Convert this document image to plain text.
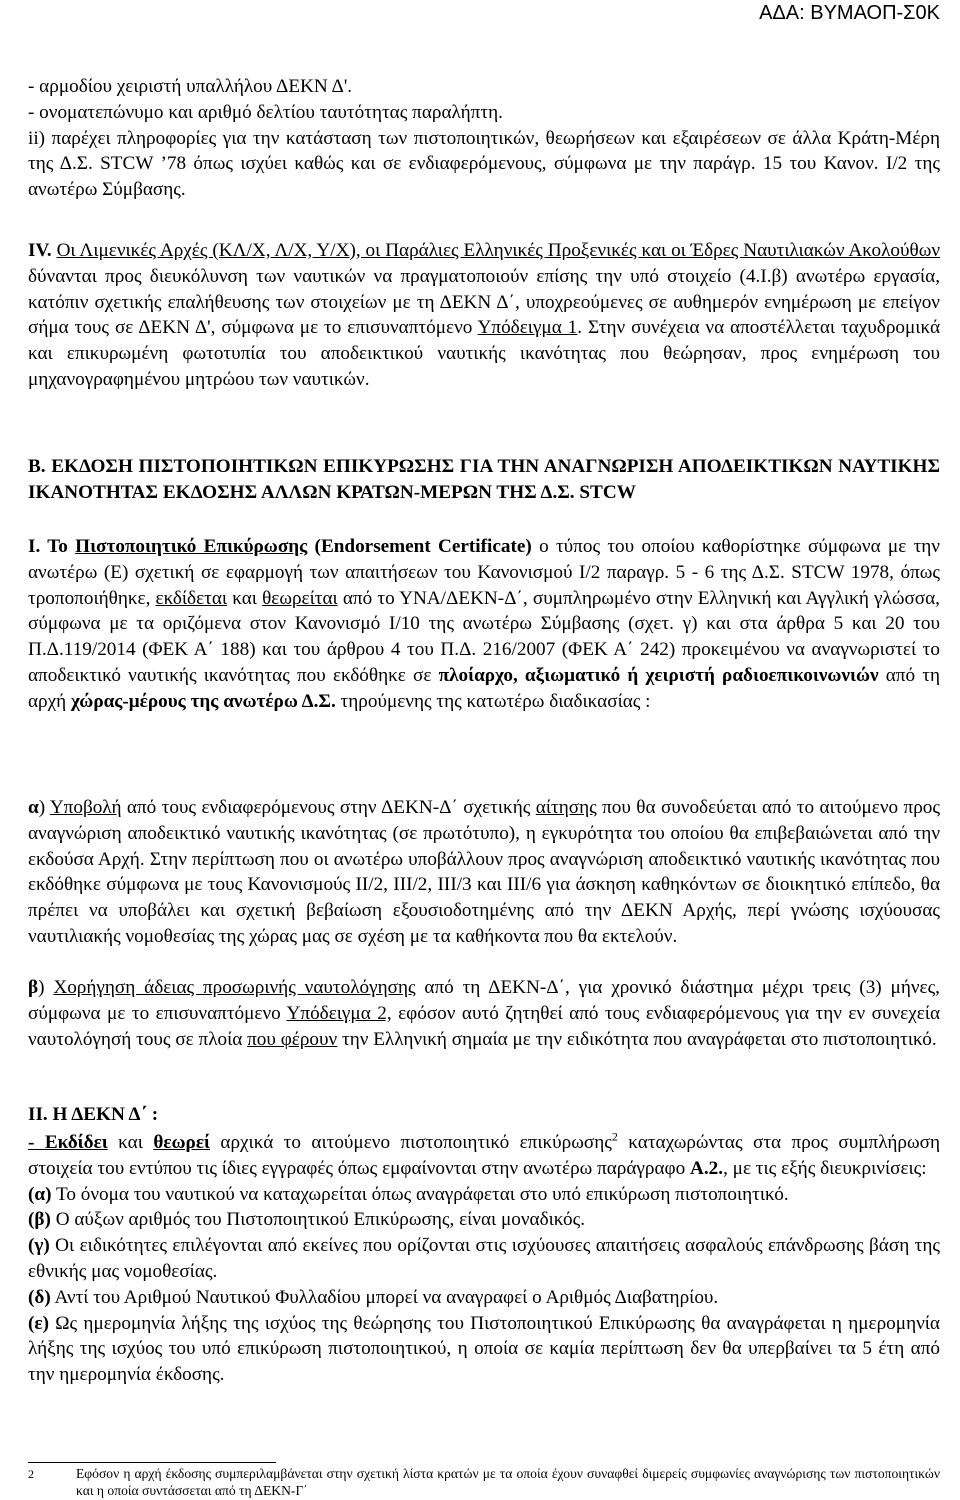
ΑΔΑ: ΒΥΜΑΟΠ-Σ0Κ

- αρμοδίου χειριστή υπαλλήλου ΔΕΚΝ Δ'.

- ονοματεπώνυμο και αριθμό δελτίου ταυτότητας παραλήπτη.

ii) παρέχει πληροφορίες για την κατάσταση των πιστοποιητικών, θεωρήσεων και εξαιρέσεων σε άλλα Κράτη-Μέρη της Δ.Σ. STCW ’78 όπως ισχύει καθώς και σε ενδιαφερόμενους, σύμφωνα με την παράγρ. 15 του Κανον. Ι/2 της ανωτέρω Σύμβασης.

IV. Οι Λιμενικές Αρχές (ΚΛ/Χ, Λ/Χ, Υ/Χ), οι Παράλιες Ελληνικές Προξενικές και οι Έδρες Ναυτιλιακών Ακολούθων δύνανται προς διευκόλυνση των ναυτικών να πραγματοποιούν επίσης την υπό στοιχείο (4.Ι.β) ανωτέρω εργασία, κατόπιν σχετικής επαλήθευσης των στοιχείων με τη ΔΕΚΝ Δ΄, υποχρεούμενες σε αυθημερόν ενημέρωση με επείγον σήμα τους σε ΔΕΚΝ Δ', σύμφωνα με το επισυναπτόμενο Υπόδειγμα 1. Στην συνέχεια να αποστέλλεται ταχυδρομικά και επικυρωμένη φωτοτυπία του αποδεικτικού ναυτικής ικανότητας που θεώρησαν, προς ενημέρωση του μηχανογραφημένου μητρώου των ναυτικών.

Β. ΕΚΔΟΣΗ ΠΙΣΤΟΠΟΙΗΤΙΚΩΝ ΕΠΙΚΥΡΩΣΗΣ ΓΙΑ ΤΗΝ ΑΝΑΓΝΩΡΙΣΗ ΑΠΟΔΕΙΚΤΙΚΩΝ ΝΑΥΤΙΚΗΣ ΙΚΑΝΟΤΗΤΑΣ ΕΚΔΟΣΗΣ ΑΛΛΩΝ ΚΡΑΤΩΝ-ΜΕΡΩΝ ΤΗΣ Δ.Σ. STCW

Ι. Το Πιστοποιητικό Επικύρωσης (Endorsement Certificate) ο τύπος του οποίου καθορίστηκε σύμφωνα με την ανωτέρω (Ε) σχετική σε εφαρμογή των απαιτήσεων του Κανονισμού Ι/2 παραγρ. 5 - 6 της Δ.Σ. STCW 1978, όπως τροποποιήθηκε, εκδίδεται και θεωρείται από το ΥΝΑ/ΔΕΚΝ-Δ΄, συμπληρωμένο στην Ελληνική και Αγγλική γλώσσα, σύμφωνα με τα οριζόμενα στον Κανονισμό Ι/10 της ανωτέρω Σύμβασης (σχετ. γ) και στα άρθρα 5 και 20 του Π.Δ.119/2014 (ΦΕΚ Α΄ 188) και του άρθρου 4 του Π.Δ. 216/2007 (ΦΕΚ Α΄ 242) προκειμένου να αναγνωριστεί το αποδεικτικό ναυτικής ικανότητας που εκδόθηκε σε πλοίαρχο, αξιωματικό ή χειριστή ραδιοεπικοινωνιών από τη αρχή χώρας-μέρους της ανωτέρω Δ.Σ. τηρούμενης της κατωτέρω διαδικασίας :

α) Υποβολή από τους ενδιαφερόμενους στην ΔΕΚΝ-Δ΄ σχετικής αίτησης που θα συνοδεύεται από το αιτούμενο προς αναγνώριση αποδεικτικό ναυτικής ικανότητας (σε πρωτότυπο), η εγκυρότητα του οποίου θα επιβεβαιώνεται από την εκδούσα Αρχή. Στην περίπτωση που οι ανωτέρω υποβάλλουν προς αναγνώριση αποδεικτικό ναυτικής ικανότητας που εκδόθηκε σύμφωνα με τους Κανονισμούς ΙΙ/2, ΙΙΙ/2, ΙΙΙ/3 και ΙΙΙ/6 για άσκηση καθηκόντων σε διοικητικό επίπεδο, θα πρέπει να υποβάλει και σχετική βεβαίωση εξουσιοδοτημένης από την ΔΕΚΝ Αρχής, περί γνώσης ισχύουσας ναυτιλιακής νομοθεσίας της χώρας μας σε σχέση με τα καθήκοντα που θα εκτελούν.

β) Χορήγηση άδειας προσωρινής ναυτολόγησης από τη ΔΕΚΝ-Δ΄, για χρονικό διάστημα μέχρι τρεις (3) μήνες, σύμφωνα με το επισυναπτόμενο Υπόδειγμα 2, εφόσον αυτό ζητηθεί από τους ενδιαφερόμενους για την εν συνεχεία ναυτολόγησή τους σε πλοία που φέρουν την Ελληνική σημαία με την ειδικότητα που αναγράφεται στο πιστοποιητικό.

ΙΙ. Η ΔΕΚΝ Δ΄ :

- Εκδίδει και θεωρεί αρχικά το αιτούμενο πιστοποιητικό επικύρωσης$^2$ καταχωρώντας στα προς συμπλήρωση στοιχεία του εντύπου τις ίδιες εγγραφές όπως εμφαίνονται στην ανωτέρω παράγραφο Α.2., με τις εξής διευκρινίσεις:

(α) Το όνομα του ναυτικού να καταχωρείται όπως αναγράφεται στο υπό επικύρωση πιστοποιητικό.

(β) Ο αύξων αριθμός του Πιστοποιητικού Επικύρωσης, είναι μοναδικός.

(γ) Οι ειδικότητες επιλέγονται από εκείνες που ορίζονται στις ισχύουσες απαιτήσεις ασφαλούς επάνδρωσης βάση της εθνικής μας νομοθεσίας.

(δ) Αντί του Αριθμού Ναυτικού Φυλλαδίου μπορεί να αναγραφεί ο Αριθμός Διαβατηρίου.

(ε) Ως ημερομηνία λήξης της ισχύος της θεώρησης του Πιστοποιητικού Επικύρωσης θα αναγράφεται η ημερομηνία λήξης της ισχύος του υπό επικύρωση πιστοποιητικού, η οποία σε καμία περίπτωση δεν θα υπερβαίνει τα 5 έτη από την ημερομηνία έκδοσης.

2	Εφόσον η αρχή έκδοσης συμπεριλαμβάνεται στην σχετική λίστα κρατών με τα οποία έχουν συναφθεί διμερείς συμφωνίες αναγνώρισης των πιστοποιητικών και η οποία συντάσσεται από τη ΔΕΚΝ-Γ΄
